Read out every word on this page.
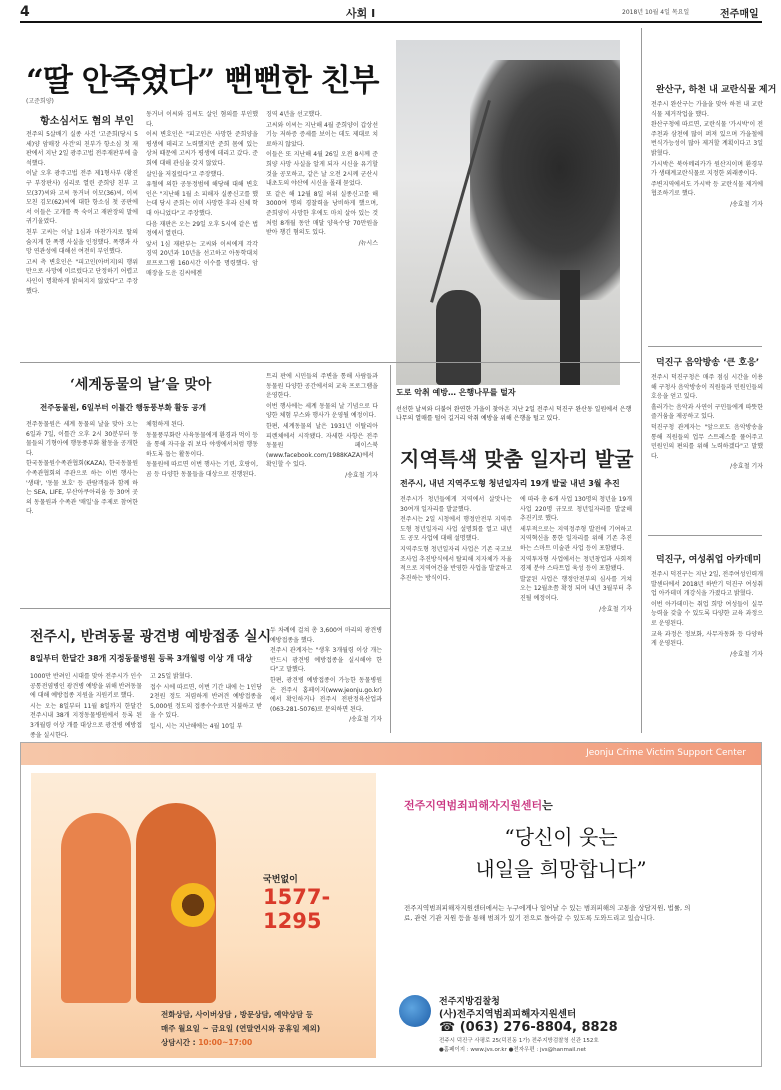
4	사회 I	2018년 10월 4일 목요일	전주매일
“딸 안죽였다” 뻔뻔한 친부
(고준희양)
항소심서도 혐의 부인

전주의 5살배기 실종 사건 '고준희(당시 5세)양 암매장 사건'의 친부가 항소심 첫 재판에서 지난 2일 광주고법 전주재판부에 출석했다.

이날 오후 광주고법 전주 제1형사부 (황진구 부장판사) 심리로 열린 준희양 친부 고모(37)씨와 고씨 동거녀 이모(36)씨, 이씨 모친 김모(62)씨에 대한 항소심 첫 공판에서 이들은 고개를 푹 숙이고 재판장의 말에 귀기울였다.

친부 고씨는 이날 1심과 마찬가지로 딸의 숨지게 한 폭행 사실을 인정했다. 폭행과 사망 연관성에 대해선 여전히 부인했다.

고씨 측 변호인은 "피고인(아버지)의 행위만으로 사망에 이르렀다고 단정하기 어렵고 사인이 명확하게 밝혀지지 않았다"고 주장했다.

동거녀 이씨와 김씨도 살인 혐의를 부인했다.

이씨 변호인은 "피고인은 사망한 준희양을 평생에 데리고 노력했지만 준희 몸에 있는 상처 때문에 고씨가 평생에 데리고 갔다. 준희에 대해 관심을 갖지 않았다.

살인을 저질렀다"고 주장했다.

유혈에 의한 공동정범에 해당해 대해 변호인은 "지난해 1월 소 피해자 실종신고를 했는데 당시 준희는 이미 사망한 후라 신체 학대 아니었다"고 주장했다.

다음 재판은 오는 29일 오후 5시에 같은 법정에서 열린다.

앞서 1심 재판부는 고씨와 이씨에게 각각 징역 20년과 10년을 선고하고 아동학대치료프로그램 160시간 이수를 명령했다. 암매장을 도운 김씨에겐

징역 4년을 선고했다.

고씨와 이씨는 지난해 4월 준희양이 갑상선 기능 저하증 증세를 보이는 데도 제대로 치료하지 않았다.

이들은 또 지난해 4월 26일 오전 8시께 준희양 사망 사실을 알게 되자 시신을 유기할 것을 공모하고, 같은 날 오전 2시께 군산시 내초도의 야산에 시신을 몰래 묻었다.

또 같은 해 12월 8일 허위 실종신고를 해 3000여 명의 경찰력을 낭비하게 했으며, 준희양이 사망한 후에도 마치 살아 있는 것처럼 8개월 동안 매달 양육수당 70만원을 받아 챙긴 혐의도 있다.

/뉴시스
도로 악취 예방… 은행나무를 털자
선선한 날씨와 더불어 완연한 가을이 찾아온 지난 2일 전주시 덕진구 완산동 일원에서 은행나무의 열매를 털어 길거리 악취 예방을 위해 은행을 털고 있다.
‘세계동물의 날’을 맞아
전주동물원, 6일부터 이틀간 행동풍부화 활동 공개

전주동물원은 세계 동물의 날을 맞아 오는 6일과 7일, 이틀간 오후 2시 30분부터 동물들의 기형아에 행동풍부화 활동을 공개한다.

한국동물원수족관협회(KAZA), 한국동물원수족관협회의 주관으로 하는 이번 행사는 '생태', '동물 보호' 등 관람객들과 함께 하는 SEA, LIFE, 부산아쿠아리움 등 30여 곳의 동물원과 수족관 '매일'을 주제로 참여한다.

체험하게 된다.

동물풍부화란 사육동물에게 환경과 먹이 등을 통해 자극을 줘 보다 야생에서처럼 행동하도록 돕는 활동이다.

동물원에 따르면 이번 행사는 기린, 호랑이, 곰 등 다양한 동물들을 대상으로 진행된다.

트리 판에 시민들의 주변을 통해 사람들과 동물원 다양한 공간에서의 교육 프로그램을 운영한다.

이번 행사에는 세계 동물의 날 기념으로 다양한 체험 부스와 행사가 운영될 예정이다.

한편, 세계동물의 날은 1931년 이탈리아 피렌체에서 시작됐다. 자세한 사항은 전주동물원 페이스북(www.facebook.com/1988KAZA)에서 확인할 수 있다.

/송효철 기자
지역특색 맞춤 일자리 발굴
전주시, 내년 지역주도형 청년일자리 19개 발굴 내년 3월 추진

전주시가 청년들에게 지역에서 살맛나는 30여개 일자리를 발굴했다.

전주시는 2일 시청에서 행정안전부 지역주도형 청년일자리 사업 설명회를 열고 내년도 공모 사업에 대해 설명했다.

지역주도형 청년일자리 사업은 기존 국고보조사업 추진방식에서 탈피해 지자체가 자율적으로 지역여건을 반영한 사업을 발굴하고 추진하는 방식이다.

에 따라 총 6개 사업 130명의 청년을 19개 사업 220명 규모로 청년일자리를 발굴해 추진키로 했다.

세부적으로는 지역정주형 발전에 기여하고 지역혁신을 통한 일자리를 위해 기존 추진하는 스마트 미술관 사업 등이 포함됐다.

지역투자형 사업에서는 청년창업과 사회적경제 분야 스타트업 육성 등이 포함됐다.

발굴된 사업은 행정안전부의 심사를 거쳐 오는 12월초쯤 확정 되며 내년 3월부터 추진될 예정이다.

/송효철 기자
전주시, 반려동물 광견병 예방접종 실시
8일부터 한달간 38개 지정동물병원 등록 3개월령 이상 개 대상

1000만 반려인 시대를 맞아 전주시가 인수공통전염병인 광견병 예방을 위해 반려동물에 대해 예방접종 지원을 지원키로 했다.

시는 오는 8일부터 11월 8일까지 한달간 전주시내 38개 지정동물병원에서 등록 된 3개월령 이상 개를 대상으로 광견병 예방접종을 실시한다.

고 25일 밝혔다.

접수 시에 따르면, 이번 기간 내에 는 1인당 2천원 정도 저렴하게 반려견 예방접종을 5,000원 정도의 접종수수료만 지불하고 받을 수 있다.

일시, 시는 지난해에는 4월 10일 부

두 차례에 걸쳐 총 3,600여 마리의 광견병 예방접종을 했다.

전주시 관계자는 "생후 3개월령 이상 개는 반드시 광견병 예방접종을 실시해야 한다"고 말했다.

한편, 광견병 예방접종이 가능한 동물병원은 전주시 홈페이지(www.jeonju.go.kr)에서 확인하거나 전주시 전판정육산업과(063-281-5076)로 문의하면 된다.

/송효철 기자
완산구, 하천 내 교란식물 제거

전주시 완산구는 가을을 맞아 하천 내 교란식물 제거작업을 했다.

완산구청에 따르면, 교란식물 '가시박'이 전주천과 삼천에 많이 퍼져 있으며 가을철에 번식가능성이 많아 제거할 계획이다고 3일 밝혔다.

가시박은 북아메리카가 원산지이며 환경부가 생태계교란식물로 지정한 외래종이다.

주변지역에서도 가시박 등 교란식물 제거에 협조하기로 했다.

/송효철 기자
덕진구 음악방송 ‘큰 호응’

전주시 덕진구청은 매주 점심 시간을 이용해 구청사 음악방송이 직원들과 민원인들의 호응을 얻고 있다.

흘러가는 음악과 사연이 구민들에게 따뜻한 즐거움을 제공하고 있다.

덕진구청 관계자는 "앞으로도 음악방송을 통해 직원들의 업무 스트레스를 풀어주고 민원인의 편의를 위해 노력하겠다"고 말했다.

/송효철 기자
덕진구, 여성취업 아카데미

전주시 덕진구는 지난 2일, 전주여성인력개발센터에서 2018년 하반기 덕진구 여성취업 아카데미 개강식을 가졌다고 밝혔다.

이번 아카데미는 취업 희망 여성들이 실무 능력을 갖출 수 있도록 다양한 교육 과정으로 운영된다.

교육 과정은 정보화, 사무자동화 등 다양하게 운영된다.

/송효철 기자
Jeonju Crime Victim Support Center
국번없이
1577-1295
전화상담, 사이버상담 , 방문상담, 예약상담 등
매주 월요일 ~ 금요일 (연말연시와 공휴일 제외)
상담시간 : 10:00~17:00
전주지역범죄피해자지원센터는
“당신이 웃는
내일을 희망합니다”
전주지역범죄피해자지원센터에서는 누구에게나 일어날 수 있는 범죄피해의 고통을 상담지원, 법률, 의료, 관련 기관 지원 등을 통해 범죄가 있기 전으로 돌아갈 수 있도록 도와드리고 있습니다.
전주지방검찰청
(사)전주지역범죄피해자지원센터
☎ (063) 276-8804, 8828
전주시 덕진구 사평로 25(덕진동 1가) 전주지방검찰청 신관 152호
●홈페이지 : www.jvs.or.kr ●전자우편 : jvs@hanmail.net
